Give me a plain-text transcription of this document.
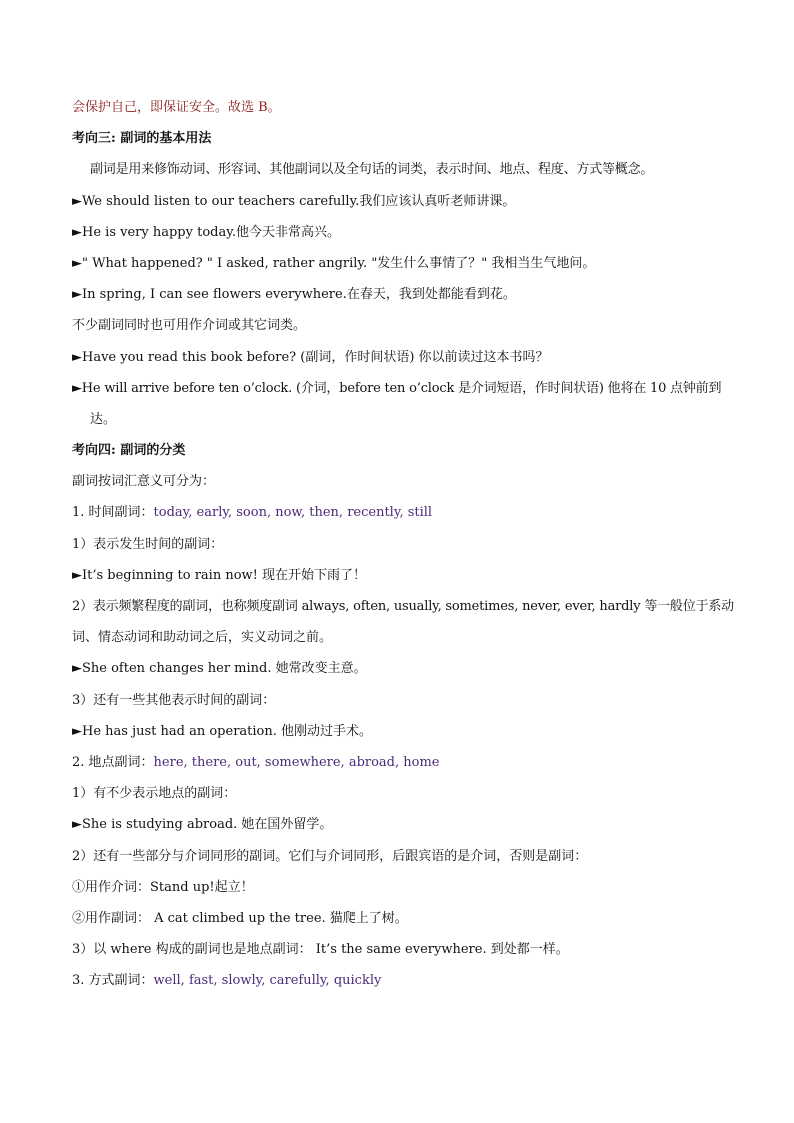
会保护自己，即保证安全。故选 B。
考向三: 副词的基本用法
副词是用来修饰动词、形容词、其他副词以及全句话的词类，表示时间、地点、程度、方式等概念。
►We should listen to our teachers carefully.我们应该认真听老师讲课。
►He is very happy today.他今天非常高兴。
►" What happened? " I asked, rather angrily. "发生什么事情了？" 我相当生气地问。
►In spring, I can see flowers everywhere.在春天，我到处都能看到花。
不少副词同时也可用作介词或其它词类。
►Have you read this book before? (副词，作时间状语) 你以前读过这本书吗？
►He will arrive before ten o’clock. (介词，before ten o’clock 是介词短语，作时间状语) 他将在 10 点钟前到
达。
考向四: 副词的分类
副词按词汇意义可分为：
1. 时间副词：today, early, soon, now, then, recently, still
1）表示发生时间的副词：
►It’s beginning to rain now! 现在开始下雨了！
2）表示频繁程度的副词，也称频度副词 always, often, usually, sometimes, never, ever, hardly 等一般位于系动
词、情态动词和助动词之后，实义动词之前。
►She often changes her mind. 她常改变主意。
3）还有一些其他表示时间的副词：
►He has just had an operation. 他刚动过手术。
2. 地点副词：here, there, out, somewhere, abroad, home
1）有不少表示地点的副词：
►She is studying abroad. 她在国外留学。
2）还有一些部分与介词同形的副词。它们与介词同形，后跟宾语的是介词，否则是副词：
①用作介词：Stand up!起立！
②用作副词： A cat climbed up the tree. 猫爬上了树。
3）以 where 构成的副词也是地点副词： It’s the same everywhere. 到处都一样。
3. 方式副词：well, fast, slowly, carefully, quickly
